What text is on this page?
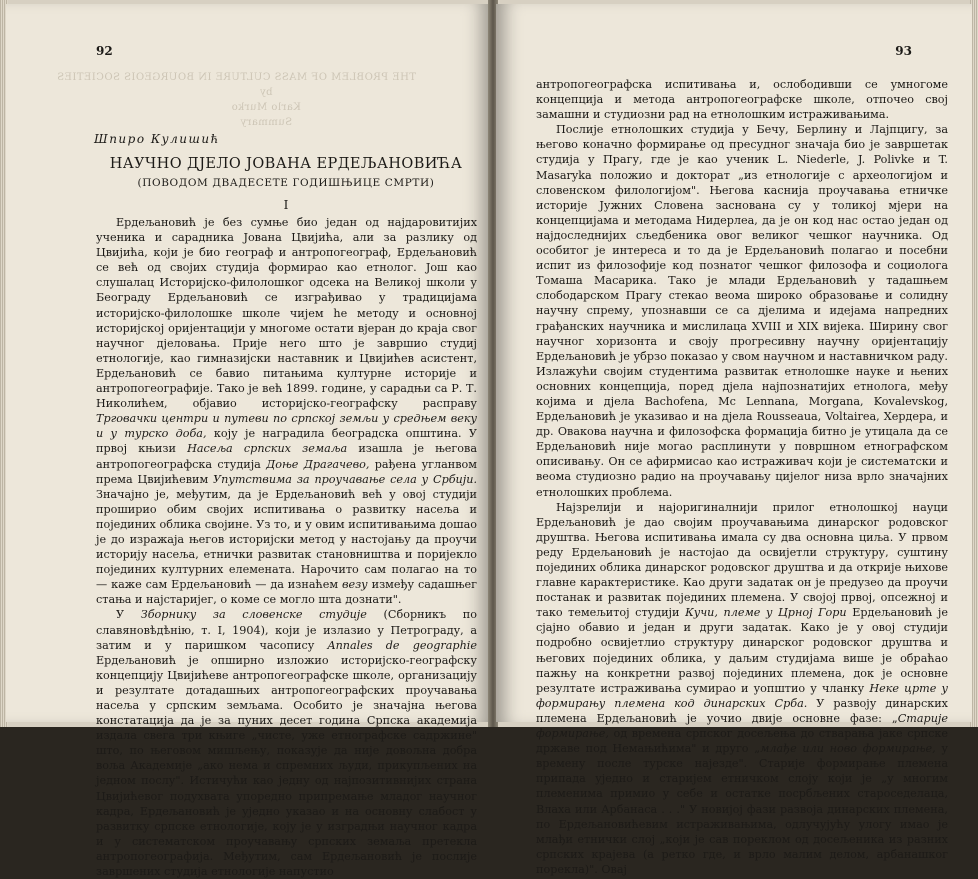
92
THE PROBLEM OF MASS CULTURE IN BOURGEOIS SOCIETIES
by
Karlo Murko
Summary
Шпиро Кулишић
НАУЧНО ДЈЕЛО ЈОВАНА ЕРДЕЉАНОВИЋА
(ПОВОДОМ ДВАДЕСЕТЕ ГОДИШЊИЦЕ СМРТИ)
I

Ердељановић је без сумње био један од најдаровитијих ученика и сарадника Јована Цвијића, али за разлику од Цвијића, који је био географ и антропогеограф, Ердељановић се већ од својих студија формирао као етнолог. Још као слушалац Историјско-филолошког одсека на Великој школи у Београду Ердељановић се изграђивао у традицијама историјско-филолошке школе чијем he методу и основној историјској оријентацији у многоме остати вјеран до краја свог научног дјеловања. Прије него што је завршио студиј етнологије, као гимназијски наставник и Цвијићев асистент, Ердељановић се бавио питањима културне историје и антропогеографије. Тако је већ 1899. године, у сарадњи са Р. Т. Николићем, објавио историјско-географску расправу Трговачки центри и путеви по српској земљи у средњем веку и у турско доба, коју је наградила београдска општина. У првој књизи Насеља српских земаља изашла је његова антропогеографска студија Доње Драгачево, рађена угланвом према Цвијићевим Упутствима за проучавање села у Србији. Значајно је, међутим, да је Ердељановић већ у овој студији проширио обим својих испитивања о развитку насеља и појединих облика својине. Уз то, и у овим испитивањима дошао је до изражаја његов историјски метод у настојању да проучи историју насеља, етнички развитак становништва и поријекло појединих културних елемената. Нарочито сам полагао на то — каже сам Ердељановић — да изнаћем везу између садашњег стања и најстаријег, о коме се могло шта дознати".

У Зборнику за словенске студије (Сборникъ по славяновѣдѣнію, т. I, 1904), који је излазио у Петрограду, а затим и у паришком часопису Annales de geographie Ердељановић је опширно изложио историјско-географску концепцију Цвијићеве антропогеографске школе, организацију и резултате дотадашњих антропогеографских проучавања насеља у српским земљама. Особито је значајна његова констатација да је за пуних десет година Српска академија издала свега три књиге „чисте, уже етнографске садржине" што, по његовом мишљењу, показује да није довољна добра воља Академије „ако нема и спремних људи, прикупљених на једном послу". Истичући као једну од најпозитивнијих страна Цвијићевог подухвата упоредно припремање младог научног кадра, Ердељановић је уједно указао и на основну слабост у развитку српске етнологије, коју је у изградњи научног кадра и у систематском проучавању српских земаља претекла антропогеографија. Међутим, сам Ердељановић је послије завршених студија етнологије напустио

93

антропогеографска испитивања и, ослободивши се умногоме концепција и метода антропогеографске школе, отпочео свој замашни и студиозни рад на етнолошким истраживањима.

Послије етнолошких студија у Бечу, Берлину и Лајпцигу, за његово коначно формирање од пресудног значаја био је завршетак студија у Прагу, где је као ученик L. Niederle, J. Polivke и T. Masaryka положио и докторат „из етнологије с археологијом и словенском филологијом". Његова каснија проучавања етничке историје Јужних Словена засновaна су у толикој мјери на концепцијама и методама Нидерлеа, да је он код нас остао један од најдоследнијих сљедбеника овог великог чешког научника. Од особитог је интереса и то да је Ердељановић полагао и посебни испит из филозофије код познатог чешког филозофа и социолога Томаша Масарика. Тако је млади Ердељановић у тадашњем слободарском Прагу стекао веома широко образовање и солидну научну спрему, упознавши се са дјелима и идејама напредних грађанских научника и мислилаца XVIII и XIX вијека. Ширину свог научног хоризонта и своју прогресивну научну оријентацију Ердељановић је убрзо показао у свом научном и наставничком раду. Излажући својим студентима развитак етнолошке науке и њених основних концепција, поред дјела најпознатијих етнолога, међу којима и дјела Bachofena, Mc Lennana, Morgana, Kovalevskog, Ердељановић је указивао и на дјела Rousseaua, Voltairea, Хердера, и др. Овакова научна и филозофска формација битно је утицала да се Ердељановић није могао расплинути у површном етнографском описивању. Он се афирмисао као истраживач који је систематски и веома студиозно радио на проучавању цијелог низа врло значајних етнолошких проблема.

Најзрелији и најоригиналнији прилог етнолошкој науци Ердељановић је дао својим проучавањима динарског родовског друштва. Његова испитивања имала су два основна циља. У првом реду Ердељановић је настојао да освијетли структуру, суштину појединих облика динарског родовског друштва и да открије њихове главне карактеристике. Као други задатак он је предузео да проучи постанак и развитак појединих племена. У својој првој, опсежној и тако темељитој студији Кучи, племе у Црној Гори Ердељановић је сјајно обавио и један и други задатак. Како је у овој студији подробно освијетлио структуру динарског родовског друштва и његових појединих облика, у даљим студијама више је обраћао пажњу на конкретни развој појединих племена, док је основне резултате истраживања сумирао и уопштио у чланку Неке црте у формирању племена код динарских Срба. У развоју динарских племена Ердељановић је уочио двије основне фазе: „Старије формирање, од времена српског досељења до стварања јаке српске државе под Немањићима" и друго „млађе или ново формирање, у времену после турске најезде". Старије формирање племена припада уједно и старијем етничком слоју који је „у многим племенима примио у себе и остатке посрбљених староседелаца, Влаха или Арбанаса . . ." У новијој фази развоја динарских племена, по Ердељановићевим истраживањима, одлучујућу улогу имао је млађи етнички слој „који је сав пореклом од досељеника из разних српских крајева (а ретко где, и врло малим делом, арбанашког порекла)". Овај
